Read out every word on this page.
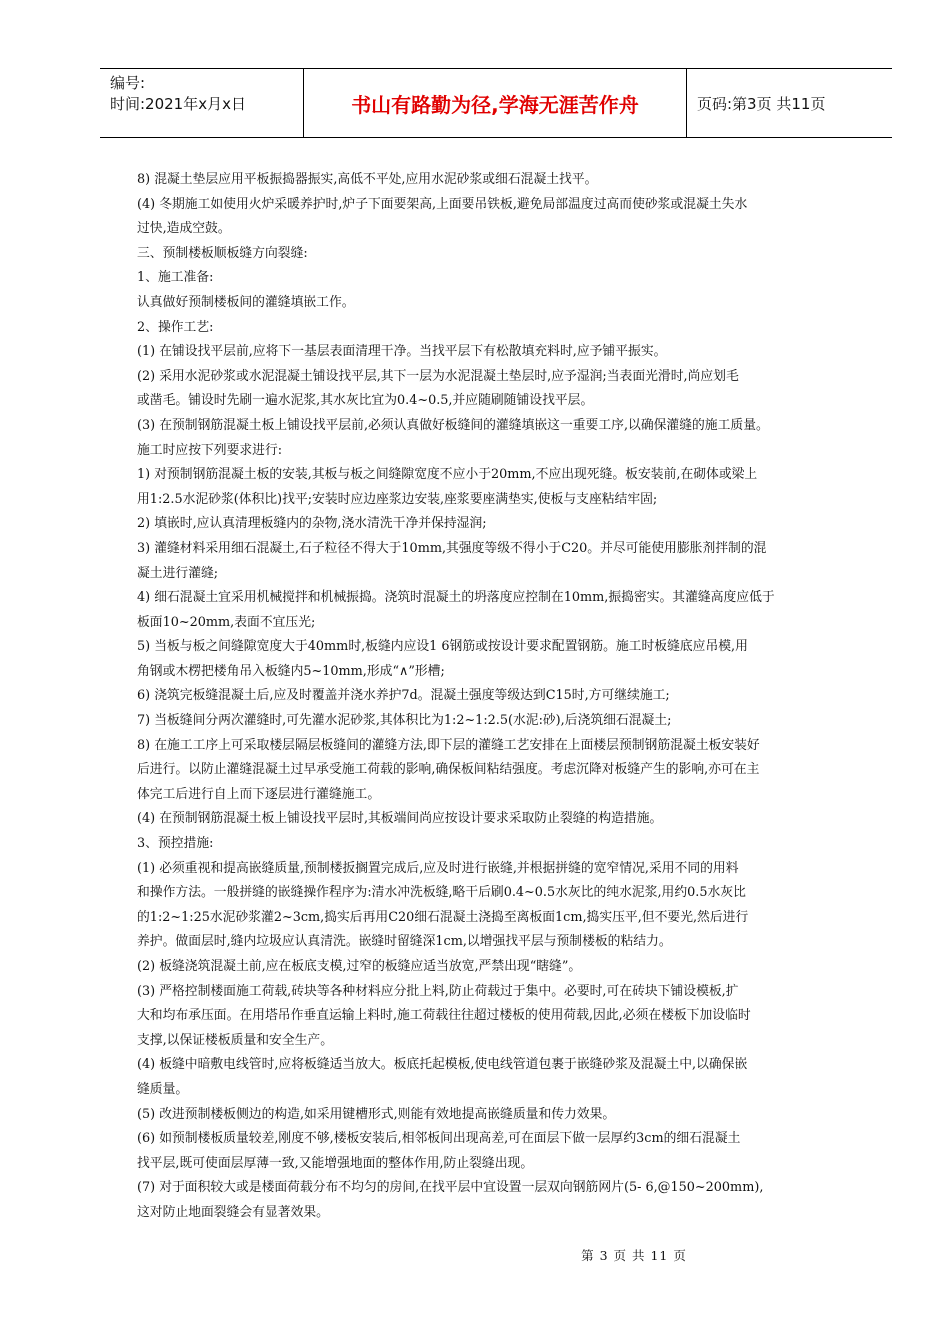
编号:
时间:2021年x月x日	书山有路勤为径,学海无涯苦作舟	页码:第3页 共11页
8) 混凝土垫层应用平板振捣器振实,高低不平处,应用水泥砂浆或细石混凝土找平。
(4) 冬期施工如使用火炉采暖养护时,炉子下面要架高,上面要吊铁板,避免局部温度过高而使砂浆或混凝土失水
过快,造成空鼓。
三、预制楼板顺板缝方向裂缝:
1、施工准备:
认真做好预制楼板间的灌缝填嵌工作。
2、操作工艺:
(1) 在铺设找平层前,应将下一基层表面清理干净。当找平层下有松散填充料时,应予铺平振实。
(2) 采用水泥砂浆或水泥混凝土铺设找平层,其下一层为水泥混凝土垫层时,应予湿润;当表面光滑时,尚应划毛
或凿毛。铺设时先刷一遍水泥浆,其水灰比宜为0.4~0.5,并应随刷随铺设找平层。
(3) 在预制钢筋混凝土板上铺设找平层前,必须认真做好板缝间的灌缝填嵌这一重要工序,以确保灌缝的施工质量。
施工时应按下列要求进行:
1) 对预制钢筋混凝土板的安装,其板与板之间缝隙宽度不应小于20mm,不应出现死缝。板安装前,在砌体或梁上
用1:2.5水泥砂浆(体积比)找平;安装时应边座浆边安装,座浆要座满垫实,使板与支座粘结牢固;
2) 填嵌时,应认真清理板缝内的杂物,浇水清洗干净并保持湿润;
3) 灌缝材料采用细石混凝土,石子粒径不得大于10mm,其强度等级不得小于C20。并尽可能使用膨胀剂拌制的混
凝土进行灌缝;
4) 细石混凝土宜采用机械搅拌和机械振捣。浇筑时混凝土的坍落度应控制在10mm,振捣密实。其灌缝高度应低于
板面10~20mm,表面不宜压光;
5) 当板与板之间缝隙宽度大于40mm时,板缝内应设1 6钢筋或按设计要求配置钢筋。施工时板缝底应吊模,用
角钢或木楞把楼角吊入板缝内5~10mm,形成“∧”形槽;
6) 浇筑完板缝混凝土后,应及时覆盖并浇水养护7d。混凝土强度等级达到C15时,方可继续施工;
7) 当板缝间分两次灌缝时,可先灌水泥砂浆,其体积比为1:2~1:2.5(水泥:砂),后浇筑细石混凝土;
8) 在施工工序上可采取楼层隔层板缝间的灌缝方法,即下层的灌缝工艺安排在上面楼层预制钢筋混凝土板安装好
后进行。以防止灌缝混凝土过早承受施工荷载的影响,确保板间粘结强度。考虑沉降对板缝产生的影响,亦可在主
体完工后进行自上而下逐层进行灌缝施工。
(4) 在预制钢筋混凝土板上铺设找平层时,其板端间尚应按设计要求采取防止裂缝的构造措施。
3、预控措施:
(1) 必须重视和提高嵌缝质量,预制楼扳搁置完成后,应及时进行嵌缝,并根据拼缝的宽窄情况,采用不同的用料
和操作方法。一般拼缝的嵌缝操作程序为:清水冲洗板缝,略干后刷0.4~0.5水灰比的纯水泥浆,用约0.5水灰比
的1:2~1:25水泥砂浆灌2~3cm,捣实后再用C20细石混凝土浇捣至离板面1cm,捣实压平,但不要光,然后进行
养护。做面层时,缝内垃圾应认真清洗。嵌缝时留缝深1cm,以增强找平层与预制楼板的粘结力。
(2) 板缝浇筑混凝土前,应在板底支模,过窄的板缝应适当放宽,严禁出现“瞎缝”。
(3) 严格控制楼面施工荷载,砖块等各种材料应分批上料,防止荷载过于集中。必要时,可在砖块下铺设模板,扩
大和均布承压面。在用塔吊作垂直运输上料时,施工荷载往往超过楼板的使用荷载,因此,必须在楼板下加设临时
支撑,以保证楼板质量和安全生产。
(4) 板缝中暗敷电线管时,应将板缝适当放大。板底托起模板,使电线管道包裹于嵌缝砂浆及混凝土中,以确保嵌
缝质量。
(5) 改进预制楼板侧边的构造,如采用键槽形式,则能有效地提高嵌缝质量和传力效果。
(6) 如预制楼板质量较差,刚度不够,楼板安装后,相邻板间出现高差,可在面层下做一层厚约3cm的细石混凝土
找平层,既可使面层厚薄一致,又能增强地面的整体作用,防止裂缝出现。
(7) 对于面积较大或是楼面荷载分布不均匀的房间,在找平层中宜设置一层双向钢筋网片(5- 6,@150~200mm),
这对防止地面裂缝会有显著效果。
第 3 页 共 11 页
